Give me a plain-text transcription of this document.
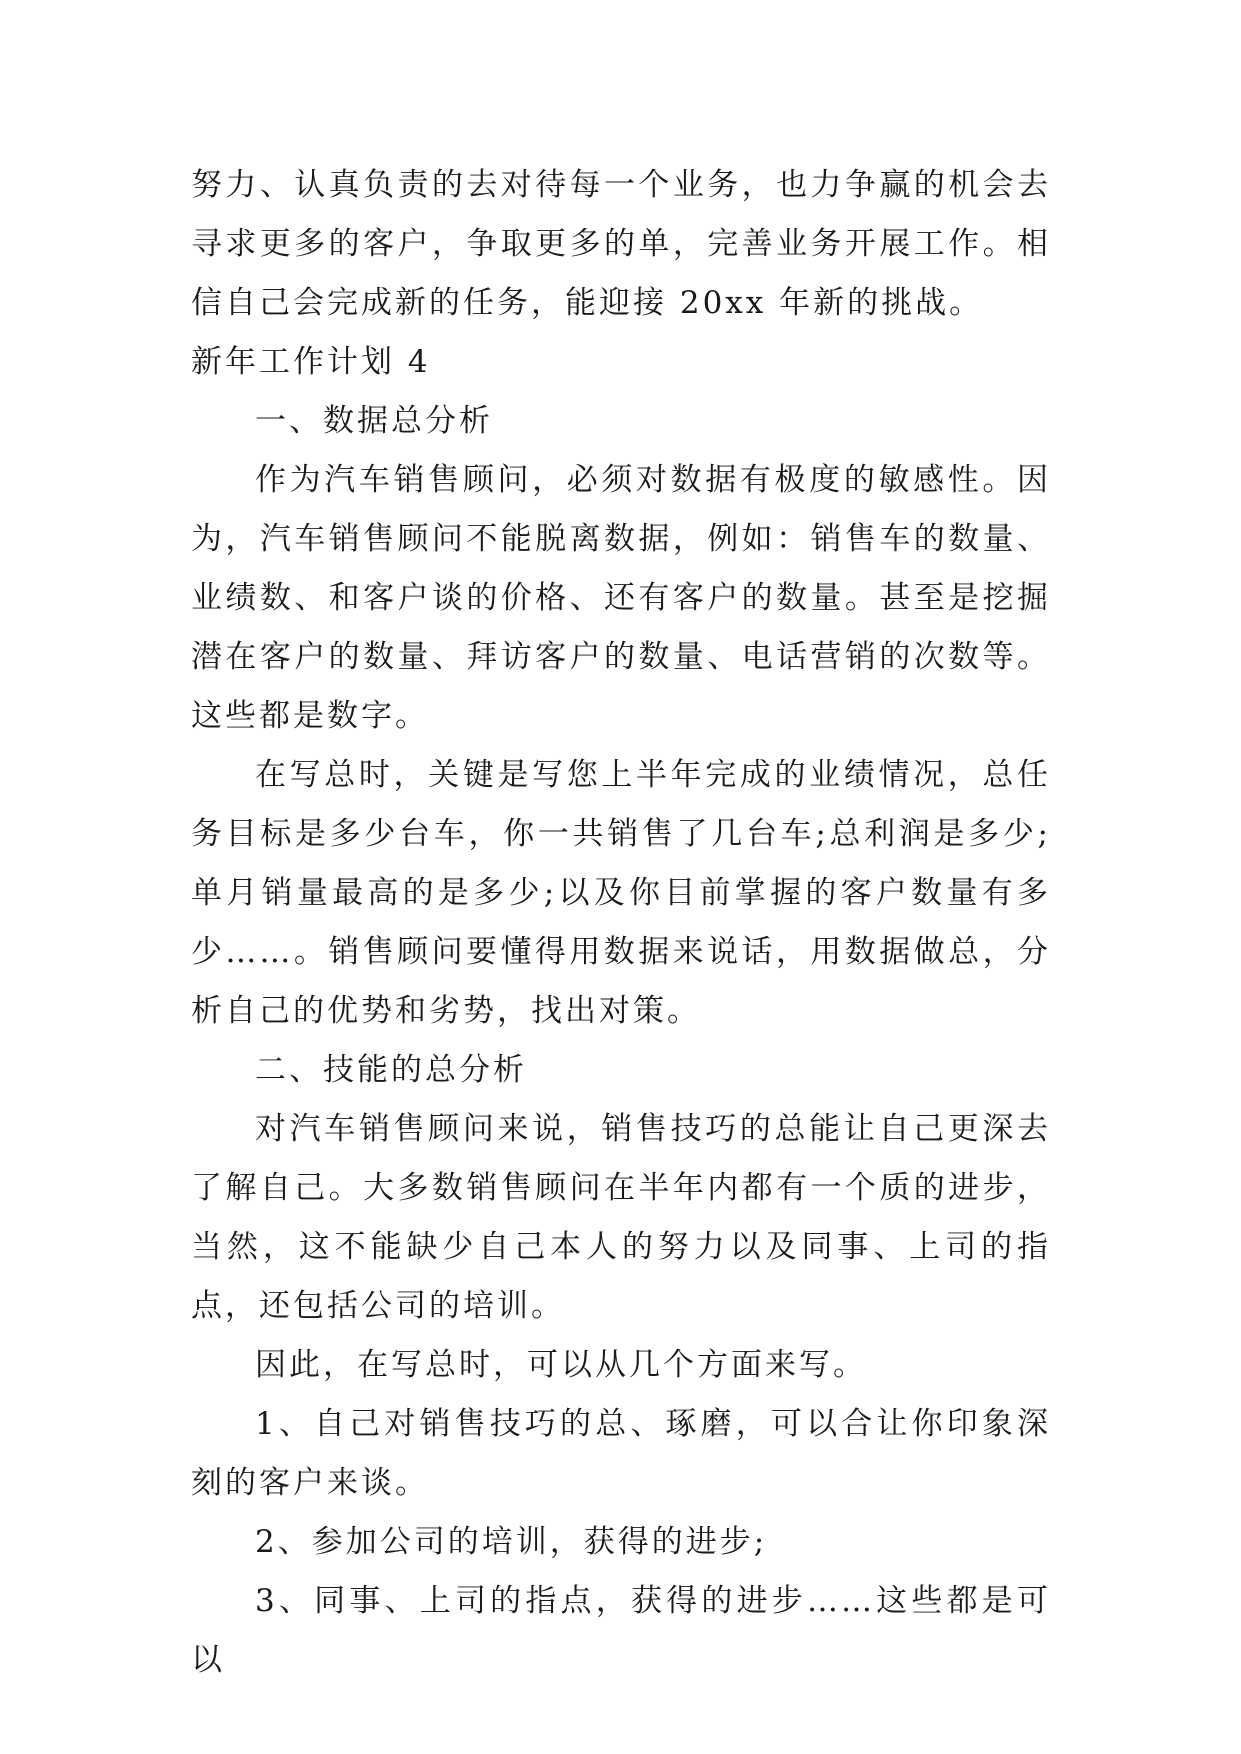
努力、认真负责的去对待每一个业务，也力争赢的机会去寻求更多的客户，争取更多的单，完善业务开展工作。相信自己会完成新的任务，能迎接 20xx 年新的挑战。

新年工作计划 4

一、数据总分析

作为汽车销售顾问，必须对数据有极度的敏感性。因为，汽车销售顾问不能脱离数据，例如：销售车的数量、业绩数、和客户谈的价格、还有客户的数量。甚至是挖掘潜在客户的数量、拜访客户的数量、电话营销的次数等。这些都是数字。

在写总时，关键是写您上半年完成的业绩情况，总任务目标是多少台车，你一共销售了几台车;总利润是多少;单月销量最高的是多少;以及你目前掌握的客户数量有多少……。销售顾问要懂得用数据来说话，用数据做总，分析自己的优势和劣势，找出对策。

二、技能的总分析

对汽车销售顾问来说，销售技巧的总能让自己更深去了解自己。大多数销售顾问在半年内都有一个质的进步，当然，这不能缺少自己本人的努力以及同事、上司的指点，还包括公司的培训。

因此，在写总时，可以从几个方面来写。

1、自己对销售技巧的总、琢磨，可以合让你印象深刻的客户来谈。

2、参加公司的培训，获得的进步;

3、同事、上司的指点，获得的进步……这些都是可以
